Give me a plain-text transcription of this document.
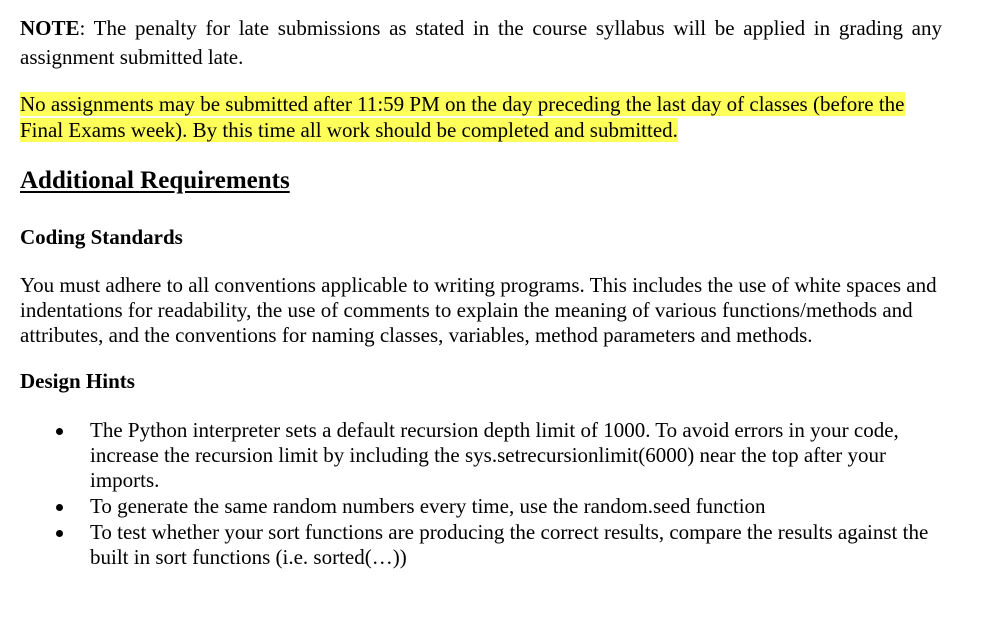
NOTE: The penalty for late submissions as stated in the course syllabus will be applied in grading any assignment submitted late.
No assignments may be submitted after 11:59 PM on the day preceding the last day of classes (before the Final Exams week). By this time all work should be completed and submitted.
Additional Requirements
Coding Standards
You must adhere to all conventions applicable to writing programs. This includes the use of white spaces and indentations for readability, the use of comments to explain the meaning of various functions/methods and attributes, and the conventions for naming classes, variables, method parameters and methods.
Design Hints
The Python interpreter sets a default recursion depth limit of 1000. To avoid errors in your code, increase the recursion limit by including the sys.setrecursionlimit(6000) near the top after your imports.
To generate the same random numbers every time, use the random.seed function
To test whether your sort functions are producing the correct results, compare the results against the built in sort functions (i.e. sorted(…))
